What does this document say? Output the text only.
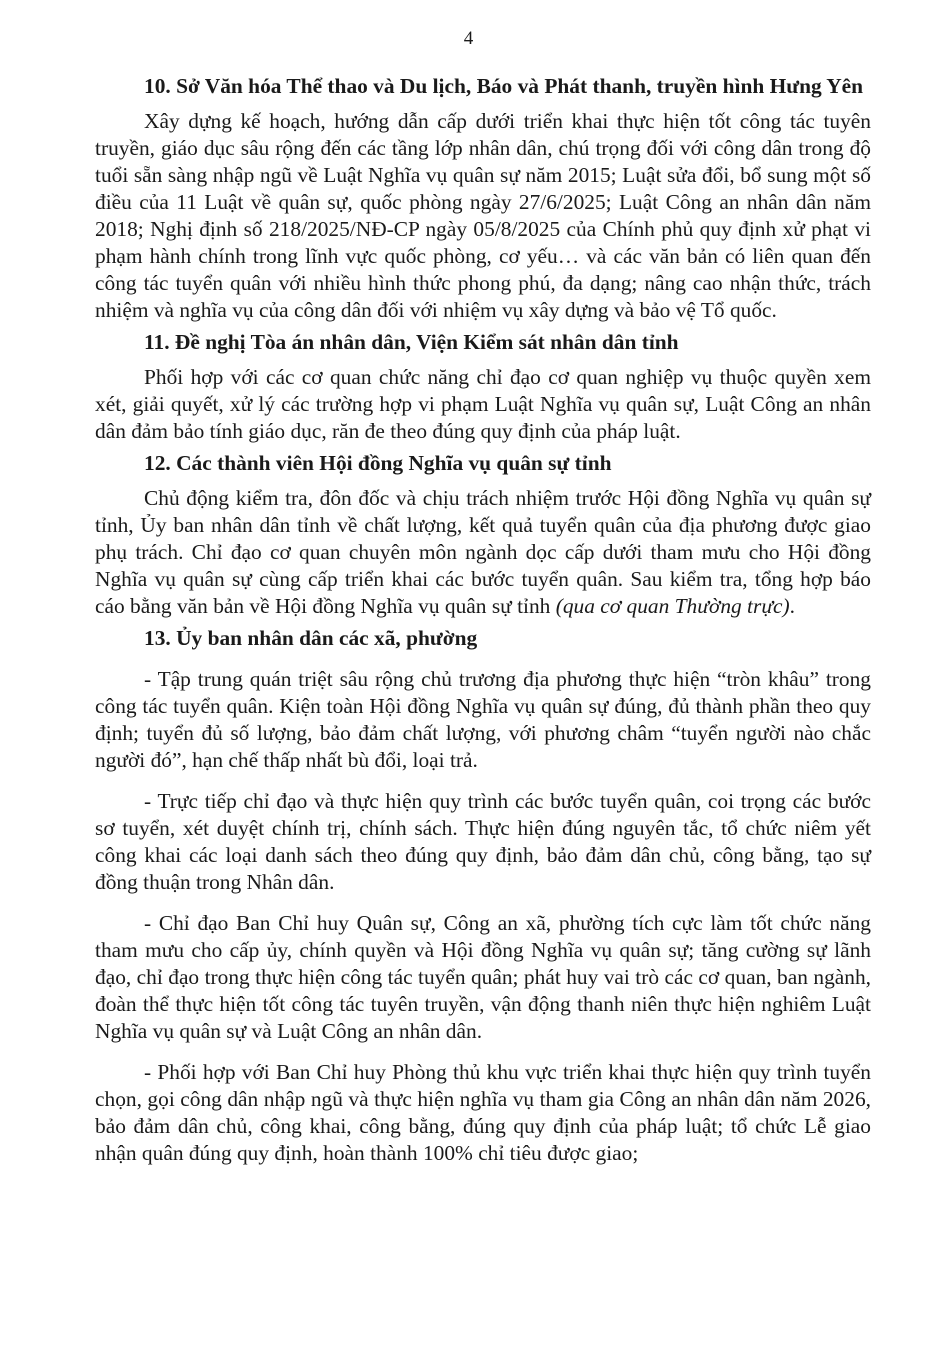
4

10. Sở Văn hóa Thể thao và Du lịch, Báo và Phát thanh, truyền hình Hưng Yên

Xây dựng kế hoạch, hướng dẫn cấp dưới triển khai thực hiện tốt công tác tuyên truyền, giáo dục sâu rộng đến các tầng lớp nhân dân, chú trọng đối với công dân trong độ tuổi sẵn sàng nhập ngũ về Luật Nghĩa vụ quân sự năm 2015; Luật sửa đổi, bổ sung một số điều của 11 Luật về quân sự, quốc phòng ngày 27/6/2025; Luật Công an nhân dân năm 2018; Nghị định số 218/2025/NĐ-CP ngày 05/8/2025 của Chính phủ quy định xử phạt vi phạm hành chính trong lĩnh vực quốc phòng, cơ yếu… và các văn bản có liên quan đến công tác tuyển quân với nhiều hình thức phong phú, đa dạng; nâng cao nhận thức, trách nhiệm và nghĩa vụ của công dân đối với nhiệm vụ xây dựng và bảo vệ Tổ quốc.

11. Đề nghị Tòa án nhân dân, Viện Kiểm sát nhân dân tỉnh

Phối hợp với các cơ quan chức năng chỉ đạo cơ quan nghiệp vụ thuộc quyền xem xét, giải quyết, xử lý các trường hợp vi phạm Luật Nghĩa vụ quân sự, Luật Công an nhân dân đảm bảo tính giáo dục, răn đe theo đúng quy định của pháp luật.

12. Các thành viên Hội đồng Nghĩa vụ quân sự tỉnh

Chủ động kiểm tra, đôn đốc và chịu trách nhiệm trước Hội đồng Nghĩa vụ quân sự tỉnh, Ủy ban nhân dân tỉnh về chất lượng, kết quả tuyển quân của địa phương được giao phụ trách. Chỉ đạo cơ quan chuyên môn ngành dọc cấp dưới tham mưu cho Hội đồng Nghĩa vụ quân sự cùng cấp triển khai các bước tuyển quân. Sau kiểm tra, tổng hợp báo cáo bằng văn bản về Hội đồng Nghĩa vụ quân sự tỉnh (qua cơ quan Thường trực).

13. Ủy ban nhân dân các xã, phường

- Tập trung quán triệt sâu rộng chủ trương địa phương thực hiện “tròn khâu” trong công tác tuyển quân. Kiện toàn Hội đồng Nghĩa vụ quân sự đúng, đủ thành phần theo quy định; tuyển đủ số lượng, bảo đảm chất lượng, với phương châm “tuyển người nào chắc người đó”, hạn chế thấp nhất bù đổi, loại trả.

- Trực tiếp chỉ đạo và thực hiện quy trình các bước tuyển quân, coi trọng các bước sơ tuyển, xét duyệt chính trị, chính sách. Thực hiện đúng nguyên tắc, tổ chức niêm yết công khai các loại danh sách theo đúng quy định, bảo đảm dân chủ, công bằng, tạo sự đồng thuận trong Nhân dân.

- Chỉ đạo Ban Chỉ huy Quân sự, Công an xã, phường tích cực làm tốt chức năng tham mưu cho cấp ủy, chính quyền và Hội đồng Nghĩa vụ quân sự; tăng cường sự lãnh đạo, chỉ đạo trong thực hiện công tác tuyển quân; phát huy vai trò các cơ quan, ban ngành, đoàn thể thực hiện tốt công tác tuyên truyền, vận động thanh niên thực hiện nghiêm Luật Nghĩa vụ quân sự và Luật Công an nhân dân.

- Phối hợp với Ban Chỉ huy Phòng thủ khu vực triển khai thực hiện quy trình tuyển chọn, gọi công dân nhập ngũ và thực hiện nghĩa vụ tham gia Công an nhân dân năm 2026, bảo đảm dân chủ, công khai, công bằng, đúng quy định của pháp luật; tổ chức Lễ giao nhận quân đúng quy định, hoàn thành 100% chỉ tiêu được giao;
